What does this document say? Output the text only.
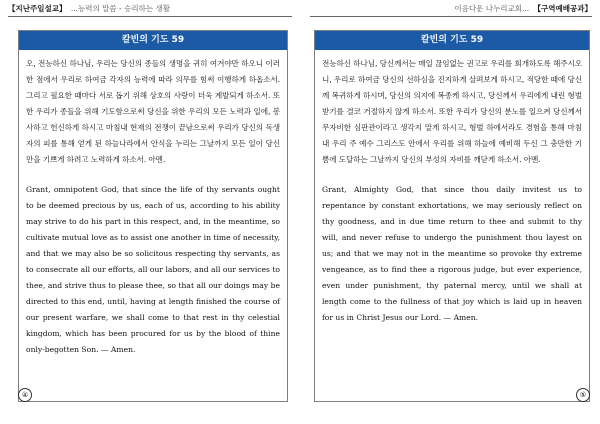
【지난주일설교】 ...능력의 말씀 - 승리하는 생활
칼빈의 기도 59

오, 전능하신 하나님, 우리는 당신의 종들의 생명을 귀히 여겨야만 하오니 이러한 점에서 우리로 하여금 각자의 능력에 따라 의무를 힘써 이행하게 하옵소서. 그리고 필요한 때마다 서로 돕기 위해 상호의 사랑이 더욱 계발되게 하소서. 또한 우리가 종들을 위해 기도함으로써 당신을 위한 우리의 모든 노력과 일에, 봉사하고 헌신하게 하시고 마침내 현재의 전쟁이 끝남으로써 우리가 당신의 독생자의 피를 통해 얻게 된 하늘나라에서 안식을 누리는 그날까지 모든 일이 당신만을 기쁘게 하려고 노력하게 하소서. 아멘.

Grant, omnipotent God, that since the life of thy servants ought to be deemed precious by us, each of us, according to his ability may strive to do his part in this respect, and, in the meantime, so cultivate mutual love as to assist one another in time of necessity, and that we may also be so solicitous respecting thy servants, as to consecrate all our efforts, all our labors, and all our services to thee, and strive thus to please thee, so that all our doings may be directed to this end, until, having at length finished the course of our present warfare, we shall come to that rest in thy celestial kingdom, which has been procured for us by the blood of thine only-begotten Son. — Amen.

④
이음다운 나누리교회... 【구역예배공과】
칼빈의 기도 59

전능하신 하나님, 당신께서는 매일 끊임없는 권고로 우리를 회개하도록 해주시오니, 우리로 하여금 당신의 선하심을 진지하게 살펴보게 하시고, 적당한 때에 당신께 복귀하게 하시며, 당신의 의지에 복종케 하시고, 당신께서 우리에게 내린 형벌받기를 결코 거절하지 않게 하소서. 또한 우리가 당신의 분노를 일으켜 당신께서 무자비한 심판관이라고 생각지 말게 하시고, 형벌 하에서라도 경험을 통해 마침내 우리 주 예수 그리스도 안에서 우리를 위해 하늘에 예비해 두신 그 충만한 기쁨에 도달하는 그날까지 당신의 부성의 자비를 깨닫게 하소서. 아멘.

Grant, Almighty God, that since thou daily invitest us to repentance by constant exhortations, we may seriously reflect on thy goodness, and in due time return to thee and submit to thy will, and never refuse to undergo the punishment thou layest on us; and that we may not in the meantime so provoke thy extreme vengeance, as to find thee a rigorous judge, but ever experience, even under punishment, thy paternal mercy, until we shall at length come to the fullness of that joy which is laid up in heaven for us in Christ Jesus our Lord. — Amen.

⑤
